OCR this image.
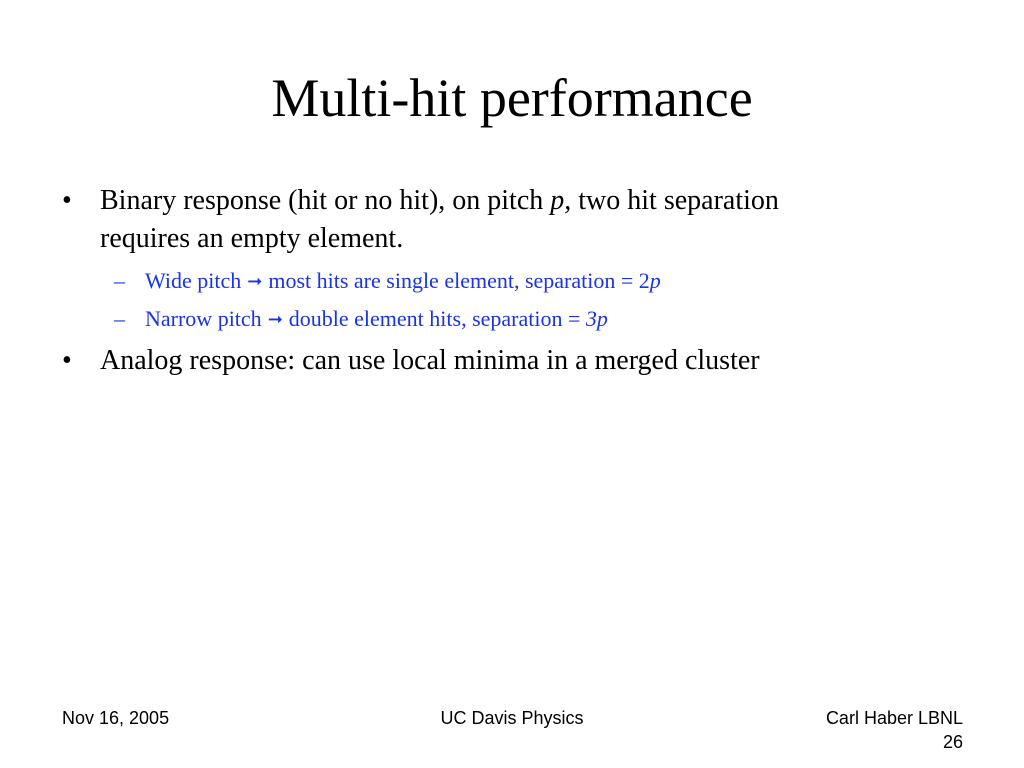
Multi-hit performance
• Binary response (hit or no hit), on pitch p, two hit separation
requires an empty element.
– Wide pitch ➞ most hits are single element, separation = 2p
– Narrow pitch ➞ double element hits, separation = 3p
• Analog response: can use local minima in a merged cluster
Nov 16, 2005	UC Davis Physics	Carl Haber LBNL
26
